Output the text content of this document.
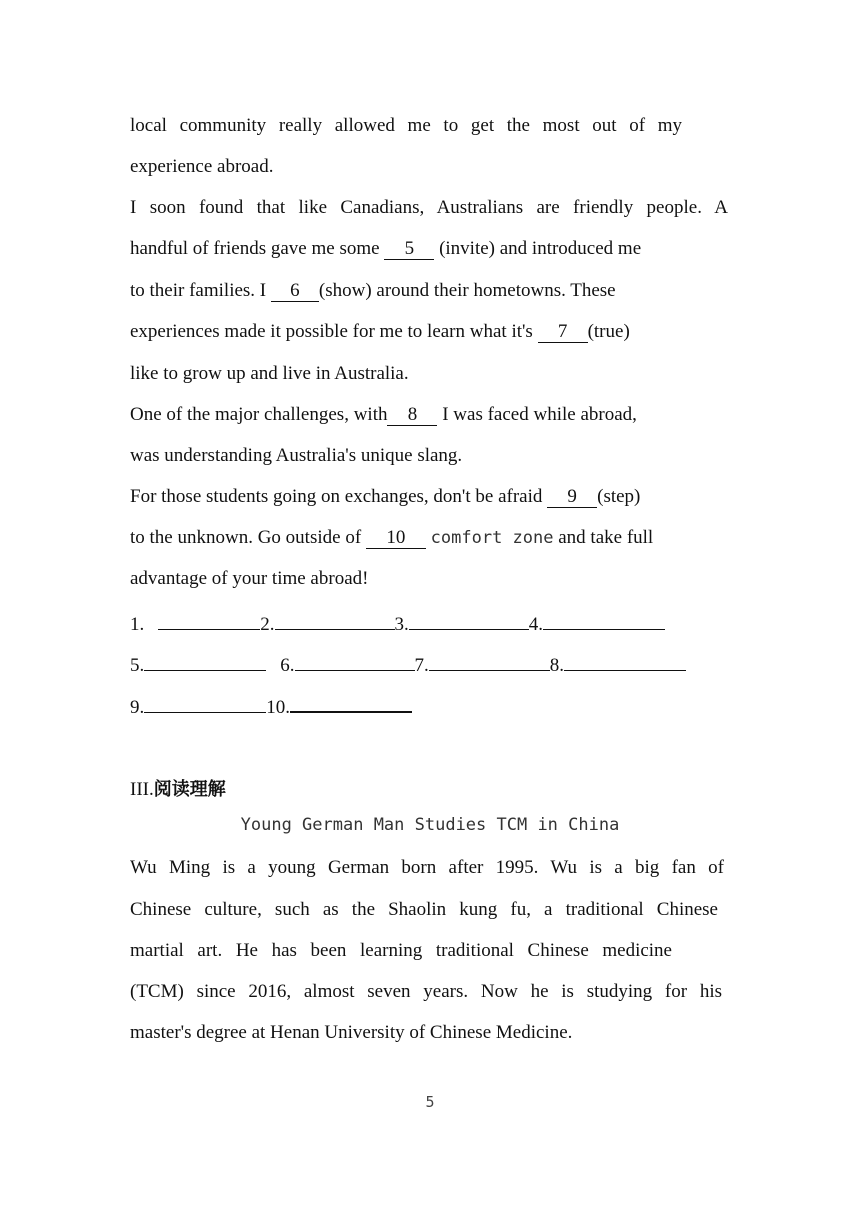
local community really allowed me to get the most out of my
experience abroad.
I soon found that like Canadians, Australians are friendly people. A
handful of friends gave me some 5 (invite) and introduced me
to their families. I 6 (show) around their hometowns. These
experiences made it possible for me to learn what it's 7 (true)
like to grow up and live in Australia.
One of the major challenges, with 8 I was faced while abroad,
was understanding Australia's unique slang.
For those students going on exchanges, don't be afraid 9 (step)
to the unknown. Go outside of 10 comfort zone and take full
advantage of your time abroad!
1.	2.	3.	4.
5.	6.	7.	8.
9.	10.
III.阅读理解
Young German Man Studies TCM in China
Wu Ming is a young German born after 1995. Wu is a big fan of
Chinese culture, such as the Shaolin kung fu, a traditional Chinese
martial art. He has been learning traditional Chinese medicine
(TCM) since 2016, almost seven years. Now he is studying for his
master's degree at Henan University of Chinese Medicine.
5
